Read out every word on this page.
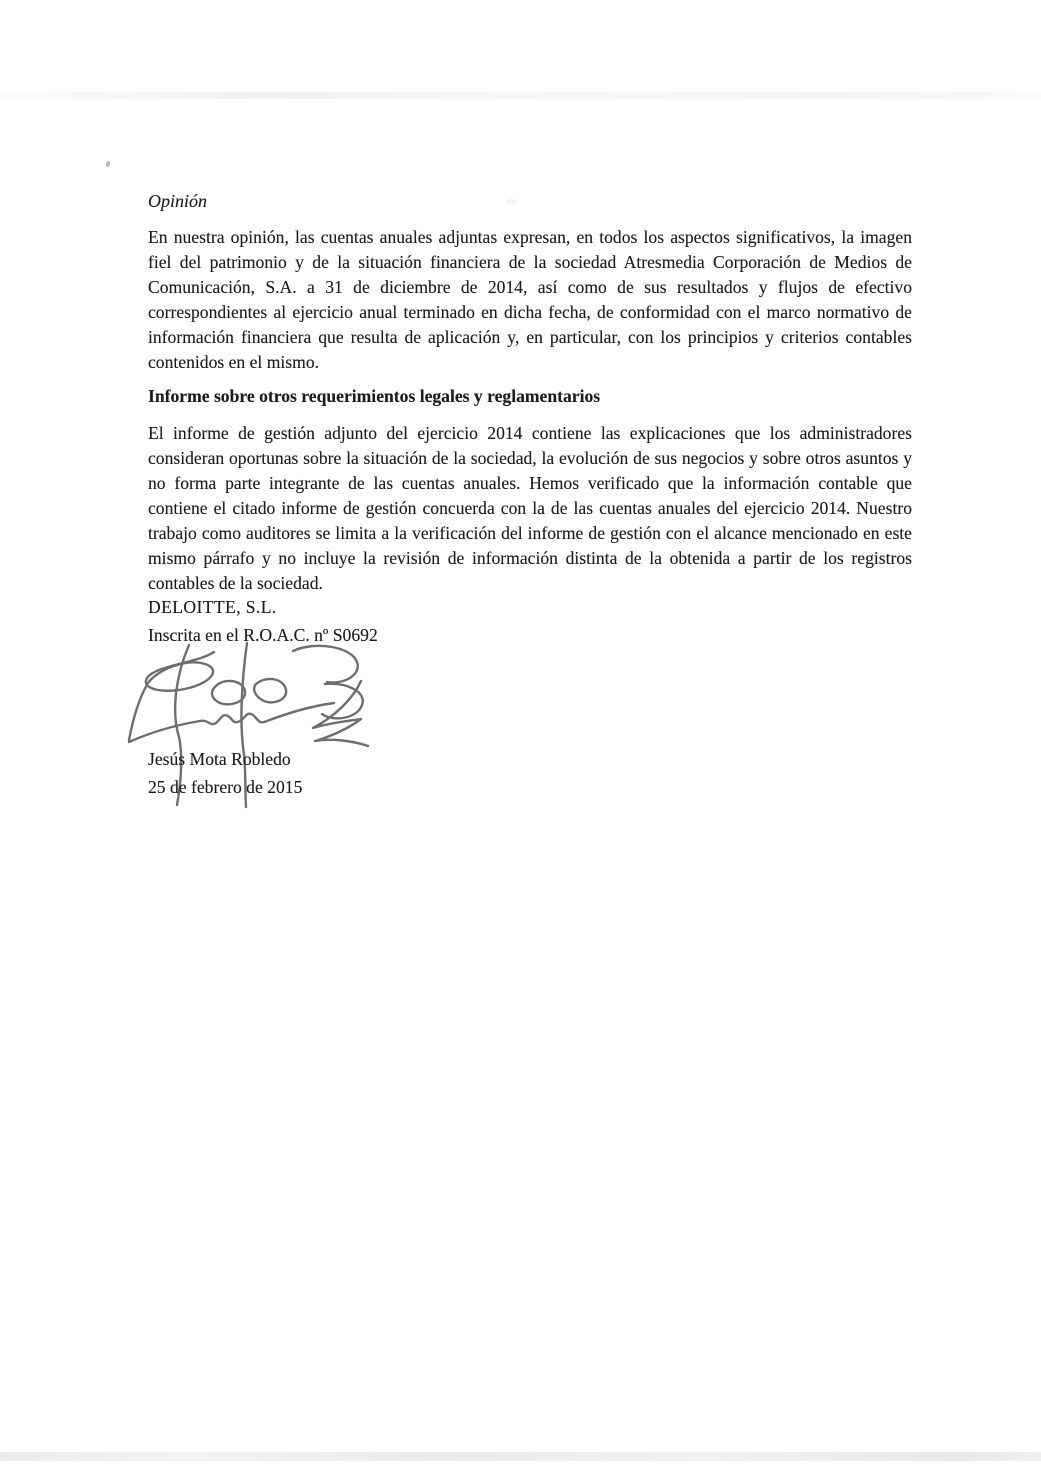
Opinión
En nuestra opinión, las cuentas anuales adjuntas expresan, en todos los aspectos significativos, la imagen fiel del patrimonio y de la situación financiera de la sociedad Atresmedia Corporación de Medios de Comunicación, S.A. a 31 de diciembre de 2014, así como de sus resultados y flujos de efectivo correspondientes al ejercicio anual terminado en dicha fecha, de conformidad con el marco normativo de información financiera que resulta de aplicación y, en particular, con los principios y criterios contables contenidos en el mismo.
Informe sobre otros requerimientos legales y reglamentarios
El informe de gestión adjunto del ejercicio 2014 contiene las explicaciones que los administradores consideran oportunas sobre la situación de la sociedad, la evolución de sus negocios y sobre otros asuntos y no forma parte integrante de las cuentas anuales. Hemos verificado que la información contable que contiene el citado informe de gestión concuerda con la de las cuentas anuales del ejercicio 2014. Nuestro trabajo como auditores se limita a la verificación del informe de gestión con el alcance mencionado en este mismo párrafo y no incluye la revisión de información distinta de la obtenida a partir de los registros contables de la sociedad.
DELOITTE, S.L.
Inscrita en el R.O.A.C. nº S0692
Jesús Mota Robledo
25 de febrero de 2015
